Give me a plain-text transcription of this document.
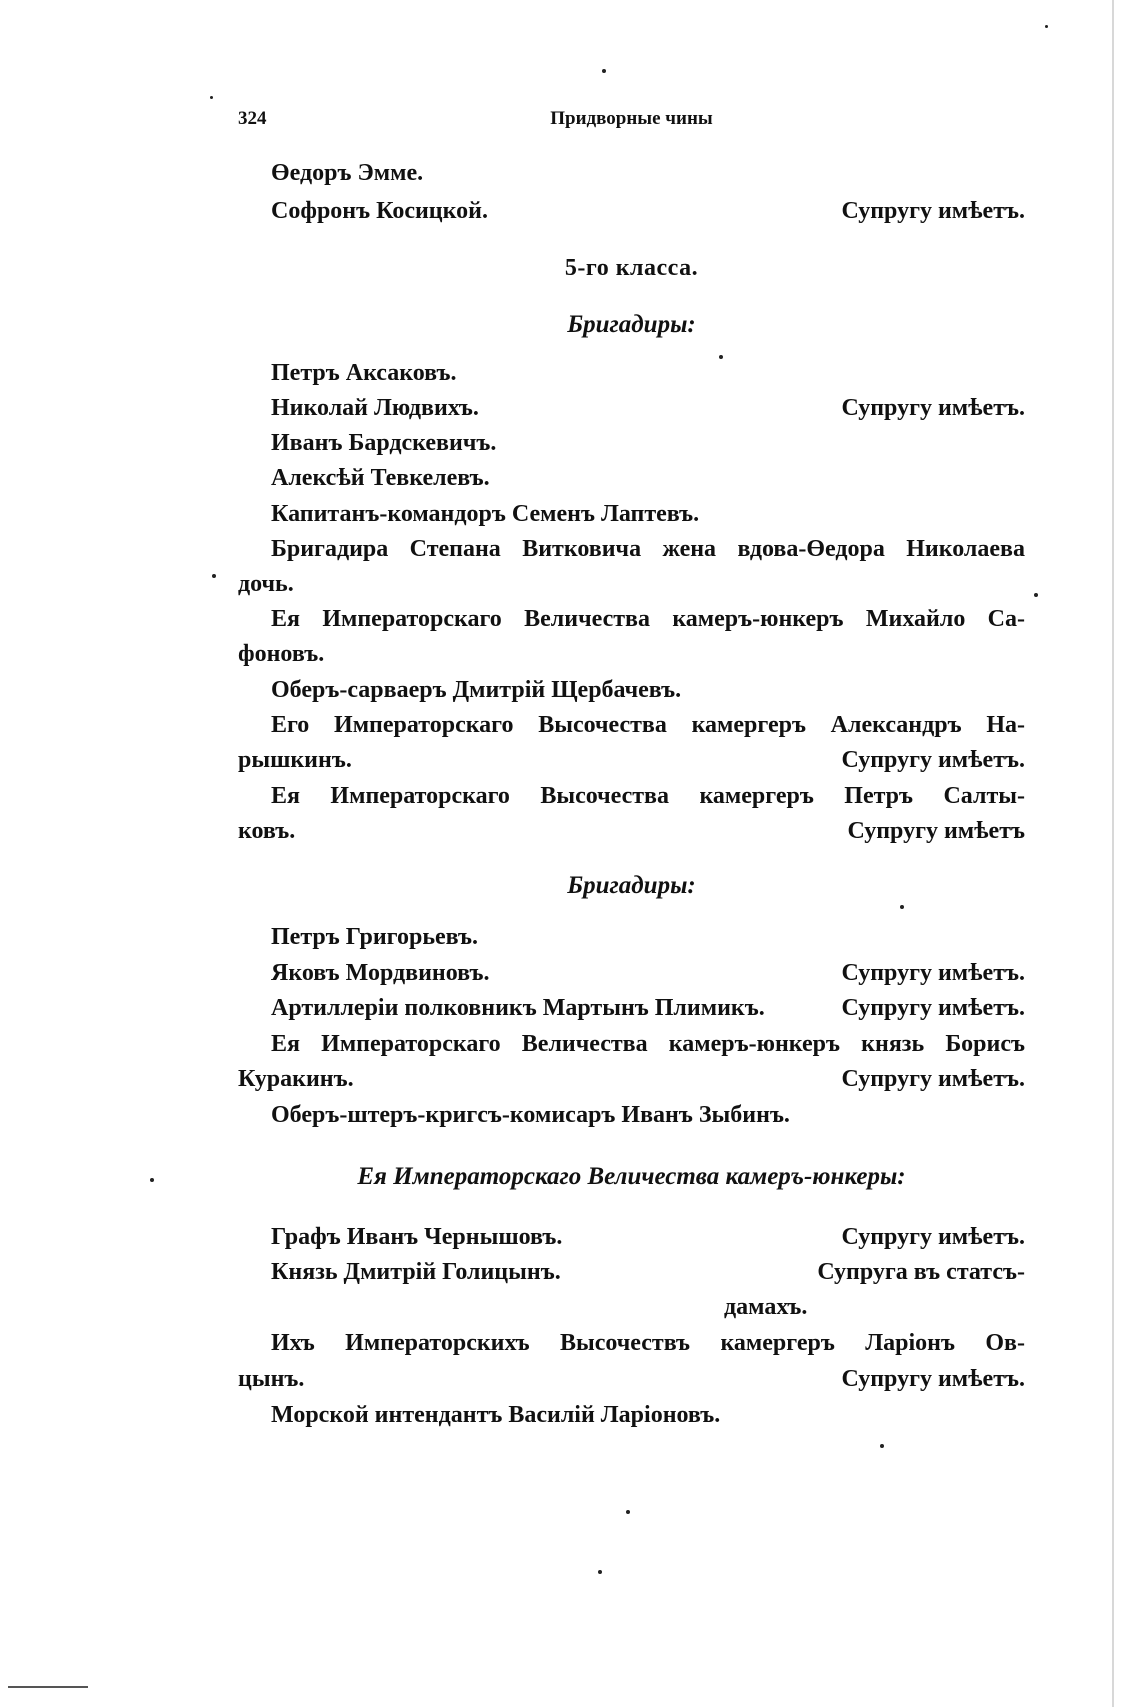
324	Придворные чины
Өедоръ Эмме.
Софронъ Косицкой.	Супругу имѣетъ.
5-го класса.
Бригадиры:
Петръ Аксаковъ.
Николай Людвихъ.	Супругу имѣетъ.
Иванъ Бардскевичъ.
Алексѣй Тевкелевъ.
Капитанъ-командоръ Семенъ Лаптевъ.
Бригадира Степана Витковича жена вдова-Өедора Николаева
дочь.
Ея Императорскаго Величества камеръ-юнкеръ Михайло Са-
фоновъ.
Оберъ-сарваеръ Дмитрій Щербачевъ.
Его Императорскаго Высочества камергеръ Александръ На-
рышкинъ.	Супругу имѣетъ.
Ея Императорскаго Высочества камергеръ Петръ Салты-
ковъ.	Супругу имѣетъ
Бригадиры:
Петръ Григорьевъ.
Яковъ Мордвиновъ.	Супругу имѣетъ.
Артиллеріи полковникъ Мартынъ Плимикъ.	Супругу имѣетъ.
Ея Императорскаго Величества камеръ-юнкеръ князь Борисъ
Куракинъ.	Супругу имѣетъ.
Оберъ-штеръ-кригсъ-комисаръ Иванъ Зыбинъ.
Ея Императорскаго Величества камеръ-юнкеры:
Графъ Иванъ Чернышовъ.	Супругу имѣетъ.
Князь Дмитрій Голицынъ.	Супруга въ статсъ-
дамахъ.
Ихъ Императорскихъ Высочествъ камергеръ Ларіонъ Ов-
цынъ.	Супругу имѣетъ.
Морской интендантъ Василій Ларіоновъ.
